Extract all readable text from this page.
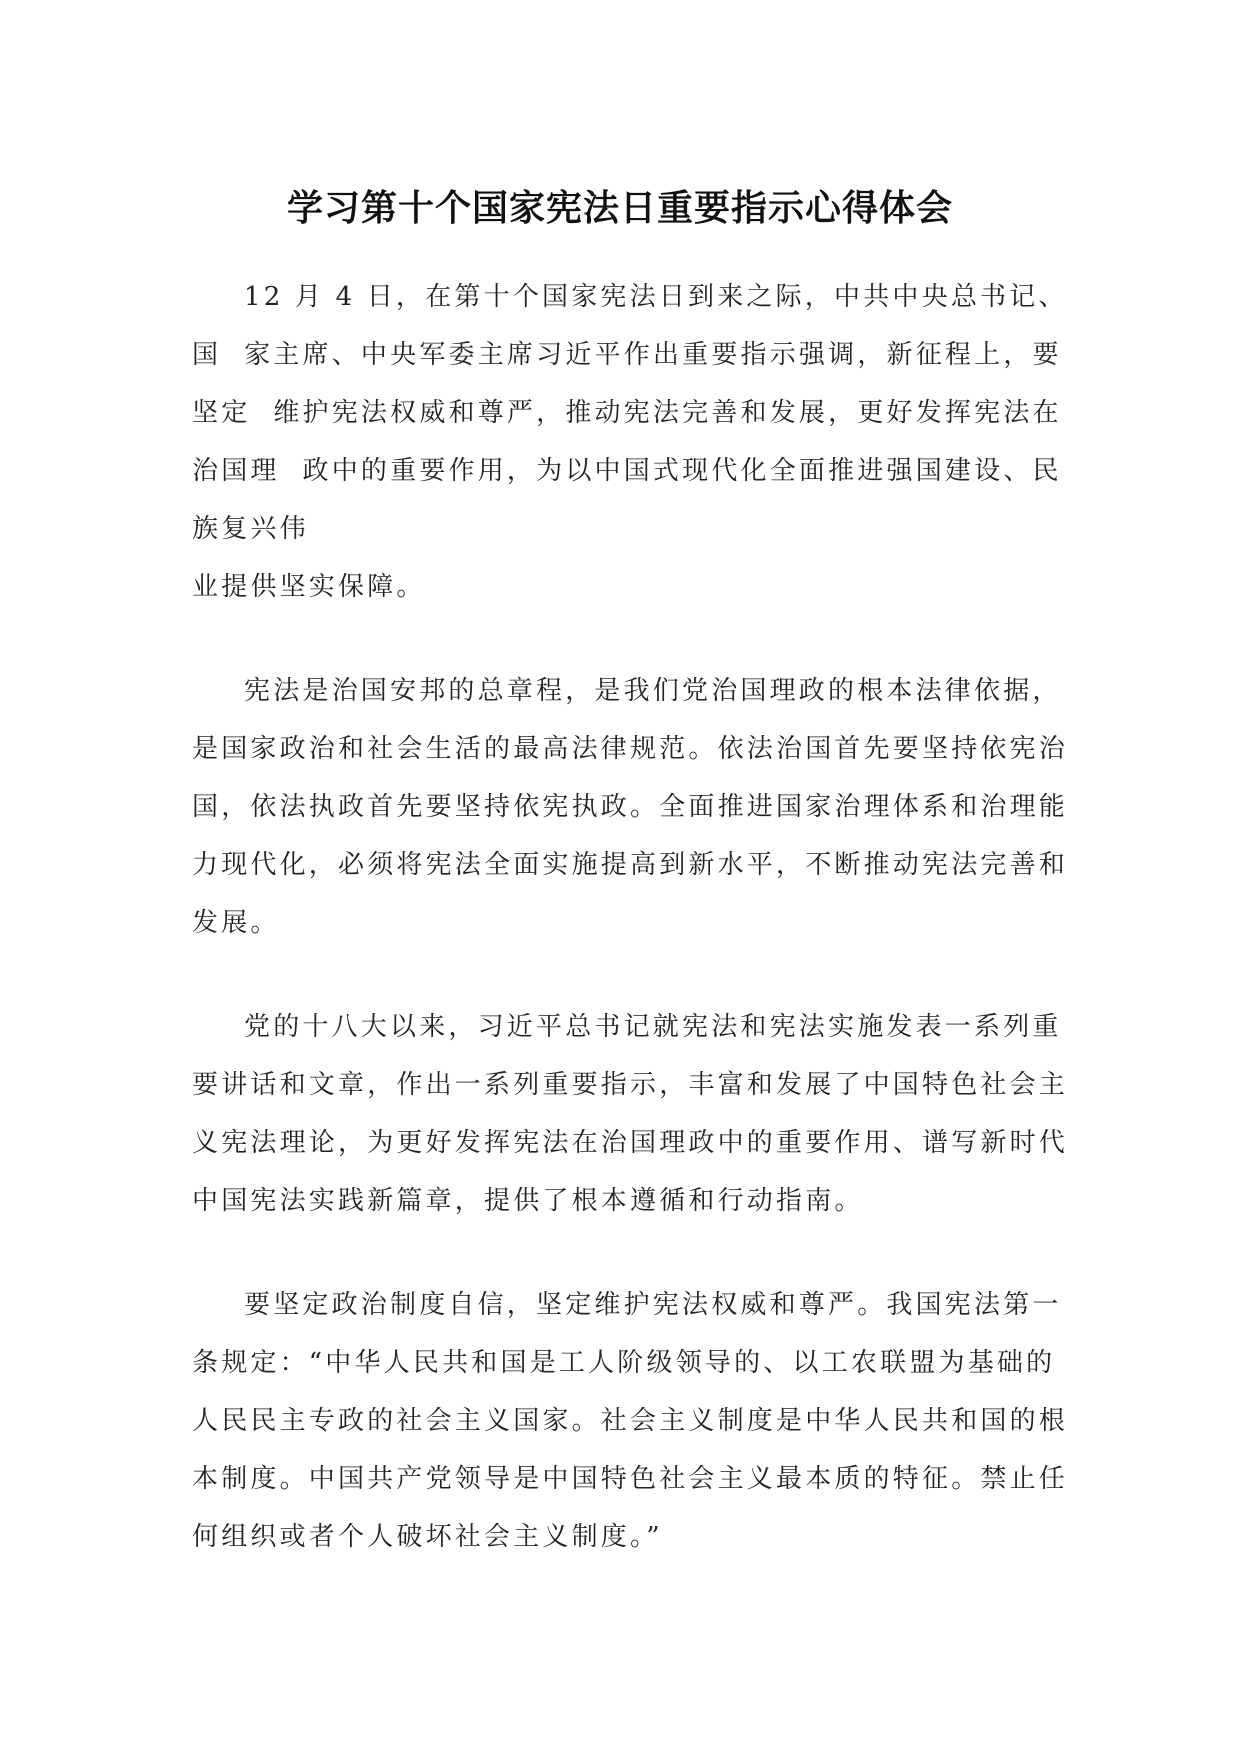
学习第十个国家宪法日重要指示心得体会

12 月 4 日，在第十个国家宪法日到来之际，中共中央总书记、
国  家主席、中央军委主席习近平作出重要指示强调，新征程上，要
坚定  维护宪法权威和尊严，推动宪法完善和发展，更好发挥宪法在
治国理  政中的重要作用，为以中国式现代化全面推进强国建设、民
族复兴伟
业提供坚实保障。

宪法是治国安邦的总章程，是我们党治国理政的根本法律依据，
是国家政治和社会生活的最高法律规范。依法治国首先要坚持依宪治
国，依法执政首先要坚持依宪执政。全面推进国家治理体系和治理能
力现代化，必须将宪法全面实施提高到新水平，不断推动宪法完善和
发展。

党的十八大以来，习近平总书记就宪法和宪法实施发表一系列重
要讲话和文章，作出一系列重要指示，丰富和发展了中国特色社会主
义宪法理论，为更好发挥宪法在治国理政中的重要作用、谱写新时代
中国宪法实践新篇章，提供了根本遵循和行动指南。

要坚定政治制度自信，坚定维护宪法权威和尊严。我国宪法第一
条规定：“中华人民共和国是工人阶级领导的、以工农联盟为基础的
人民民主专政的社会主义国家。社会主义制度是中华人民共和国的根
本制度。中国共产党领导是中国特色社会主义最本质的特征。禁止任
何组织或者个人破坏社会主义制度。”
